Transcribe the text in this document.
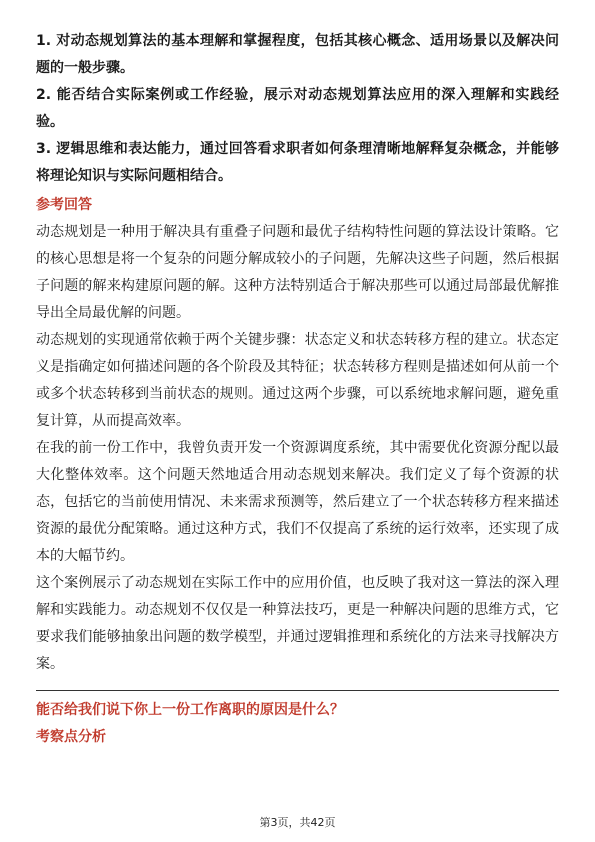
1. 对动态规划算法的基本理解和掌握程度，包括其核心概念、适用场景以及解决问题的一般步骤。

2. 能否结合实际案例或工作经验，展示对动态规划算法应用的深入理解和实践经验。

3. 逻辑思维和表达能力，通过回答看求职者如何条理清晰地解释复杂概念，并能够将理论知识与实际问题相结合。

参考回答

动态规划是一种用于解决具有重叠子问题和最优子结构特性问题的算法设计策略。它的核心思想是将一个复杂的问题分解成较小的子问题，先解决这些子问题，然后根据子问题的解来构建原问题的解。这种方法特别适合于解决那些可以通过局部最优解推导出全局最优解的问题。

动态规划的实现通常依赖于两个关键步骤：状态定义和状态转移方程的建立。状态定义是指确定如何描述问题的各个阶段及其特征；状态转移方程则是描述如何从前一个或多个状态转移到当前状态的规则。通过这两个步骤，可以系统地求解问题，避免重复计算，从而提高效率。

在我的前一份工作中，我曾负责开发一个资源调度系统，其中需要优化资源分配以最大化整体效率。这个问题天然地适合用动态规划来解决。我们定义了每个资源的状态，包括它的当前使用情况、未来需求预测等，然后建立了一个状态转移方程来描述资源的最优分配策略。通过这种方式，我们不仅提高了系统的运行效率，还实现了成本的大幅节约。

这个案例展示了动态规划在实际工作中的应用价值，也反映了我对这一算法的深入理解和实践能力。动态规划不仅仅是一种算法技巧，更是一种解决问题的思维方式，它要求我们能够抽象出问题的数学模型，并通过逻辑推理和系统化的方法来寻找解决方案。

能否给我们说下你上一份工作离职的原因是什么？

考察点分析

第3页，共42页
